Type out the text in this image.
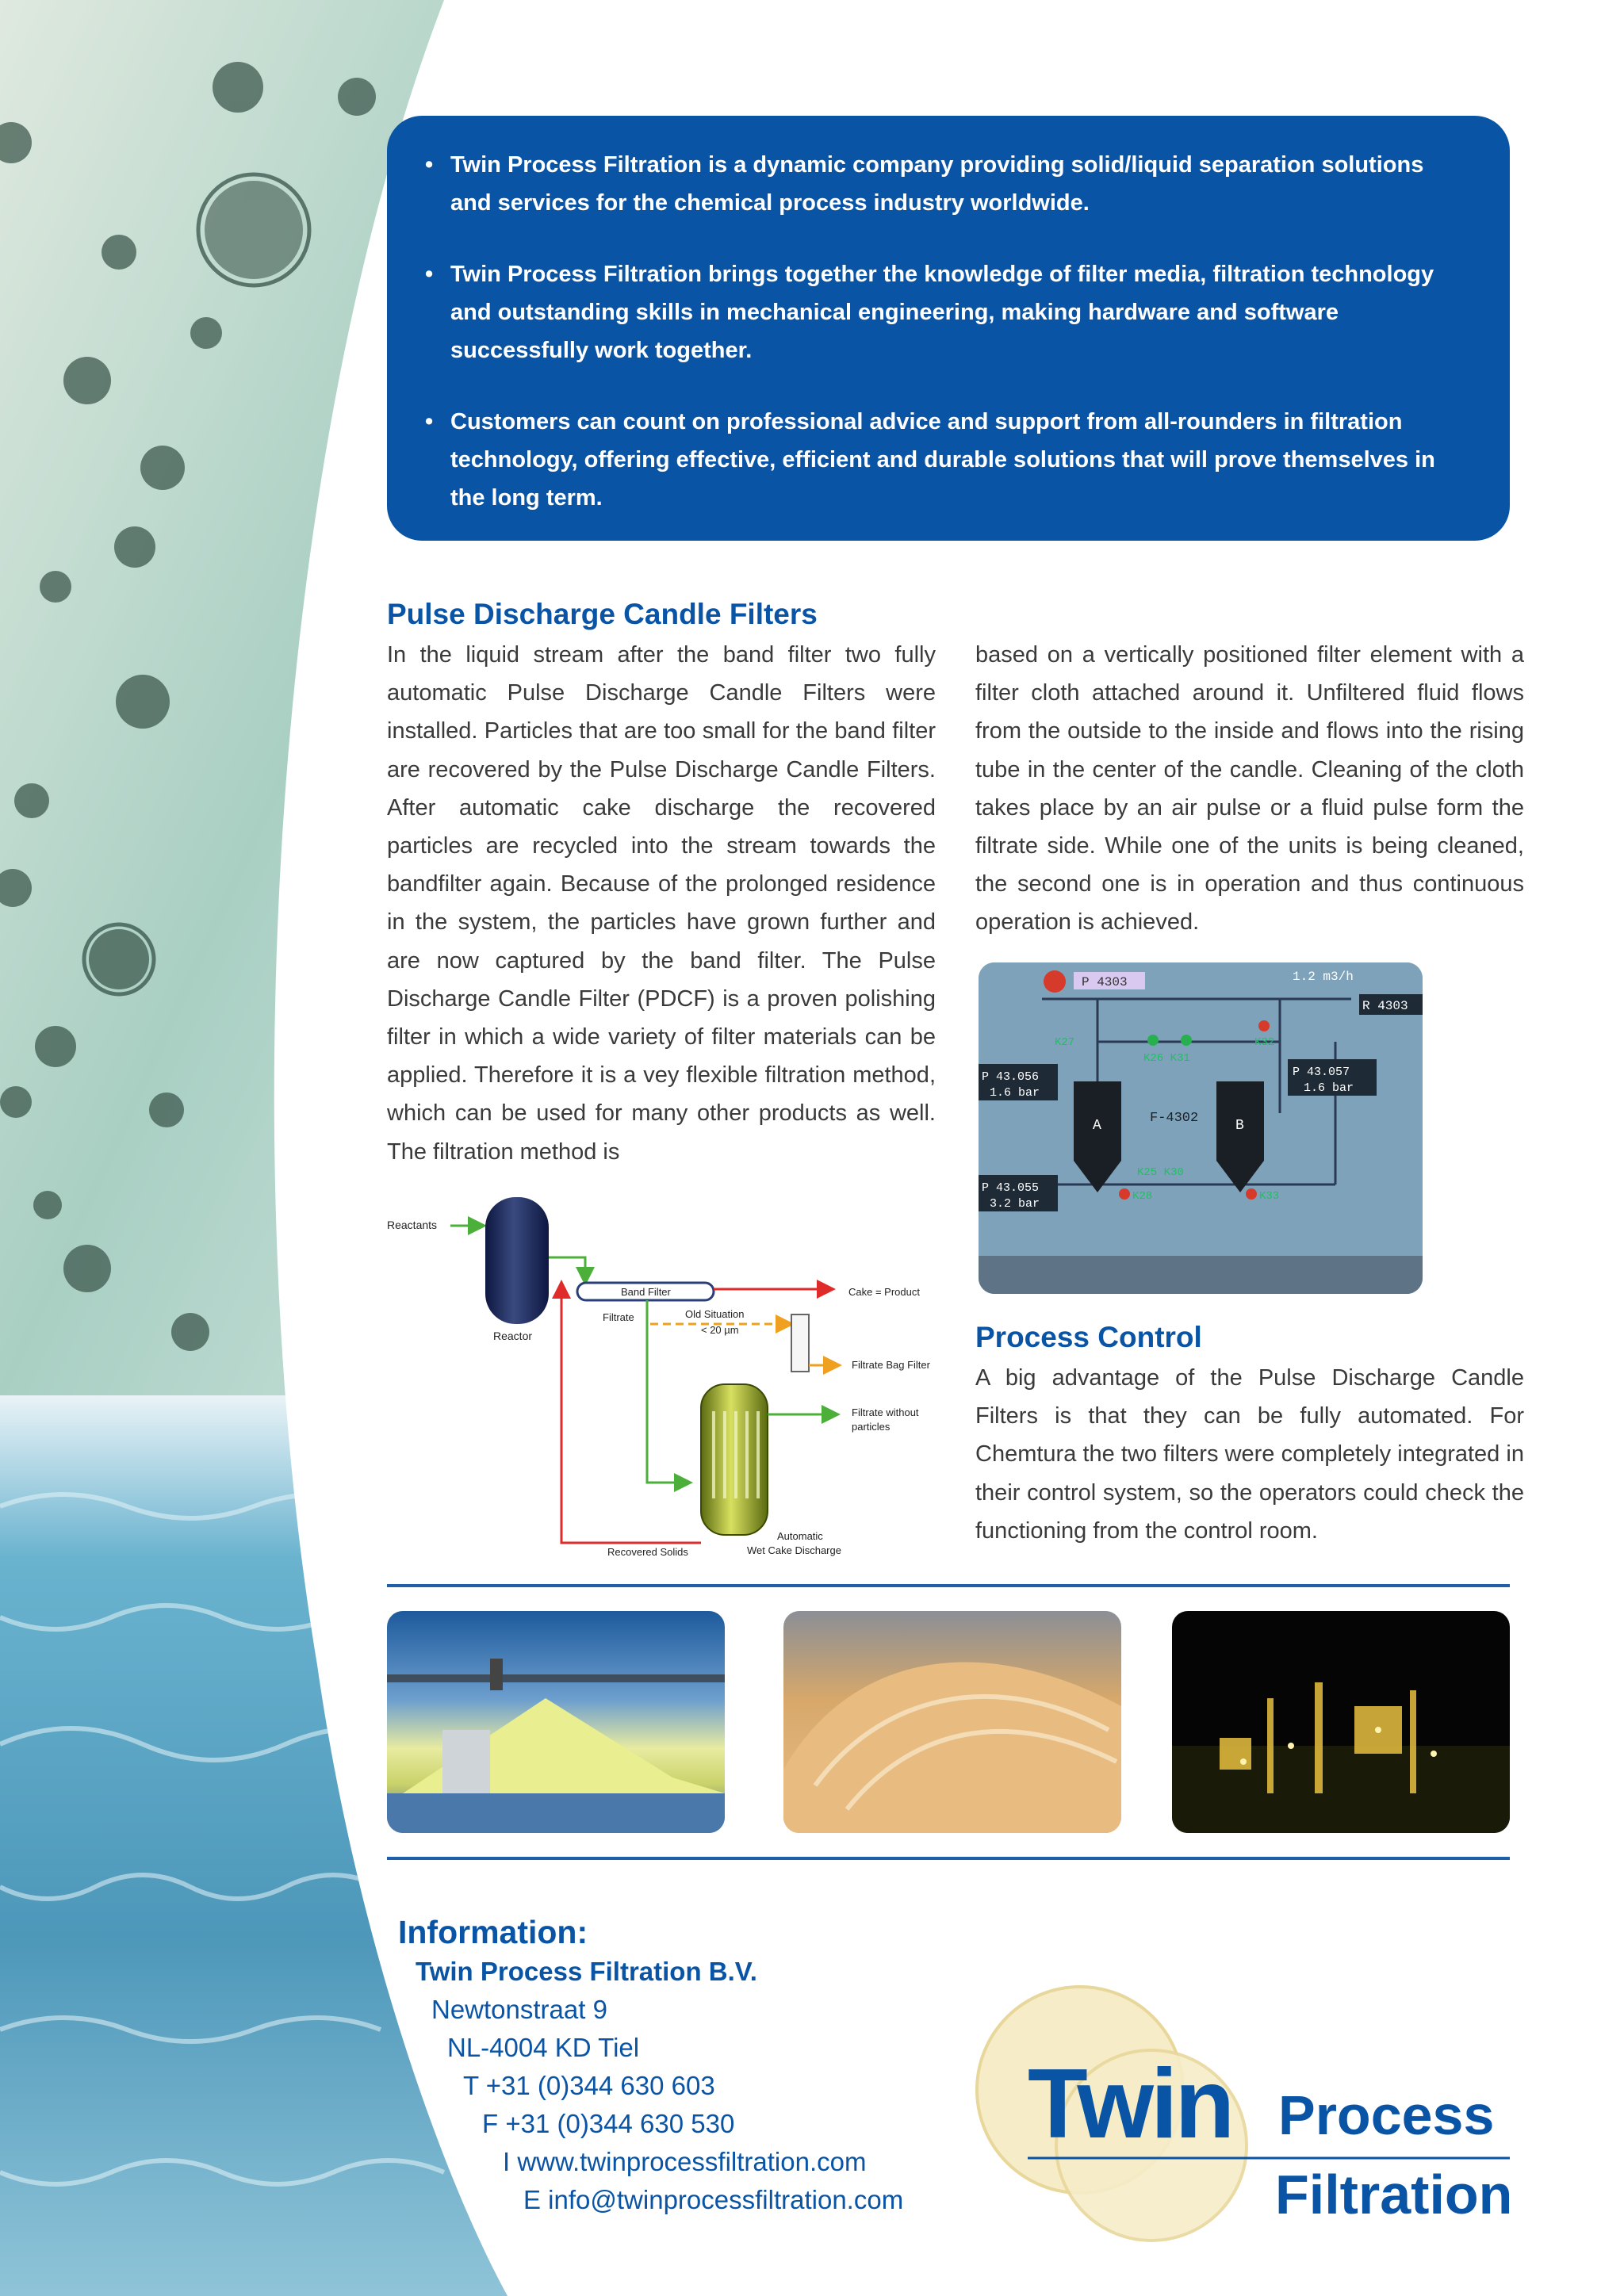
• Twin Process Filtration is a dynamic company providing solid/liquid separation solutions and services for the chemical process industry worldwide.
• Twin Process Filtration brings together the knowledge of filter media, filtration technology and outstanding skills in mechanical engineering, making hardware and software successfully work together.
• Customers can count on professional advice and support from all-rounders in filtration technology, offering effective, efficient and durable solutions that will prove themselves in the long term.
Pulse Discharge Candle Filters

In the liquid stream after the band filter two fully automatic Pulse Discharge Candle Filters were installed. Particles that are too small for the band filter are recovered by the Pulse Discharge Candle Filters. After automatic cake discharge the recovered particles are recycled into the stream towards the bandfilter again. Because of the prolonged residence in the system, the particles have grown further and are now captured by the band filter. The Pulse Discharge Candle Filter (PDCF) is a proven polishing filter in which a wide variety of filter materials can be applied. Therefore it is a vey flexible filtration method, which can be used for many other products as well. The filtration method is

based on a vertically positioned filter element with a filter cloth attached around it. Unfiltered fluid flows from the outside to the inside and flows into the rising tube in the center of the candle. Cleaning of the cloth takes place by an air pulse or a fluid pulse form the filtrate side. While one of the units is being cleaned, the second one is in operation and thus continuous operation is achieved.

Reactants
Reactor
Band Filter	Cake = Product
Filtrate	Old Situation
< 20 µm
Filtrate Bag Filter
Filtrate without
particles
Automatic
Wet Cake Discharge
Recovered Solids
P 4303	1.2 m3/h
R 4303
K27
K26 K31
K32
P 43.056
1.6 bar
P 43.057
1.6 bar
A	B
F-4302
K25 K30
P 43.055
3.2 bar
K28	K33
Process Control

A big advantage of the Pulse Discharge Candle Filters is that they can be fully automated. For Chemtura the two filters were completely integrated in their control system, so the operators could check the functioning from the control room.

Information:

Twin Process Filtration B.V.

Newtonstraat 9

NL-4004 KD Tiel

T +31 (0)344 630 603

F +31 (0)344 630 530

I www.twinprocessfiltration.com

E info@twinprocessfiltration.com

Twin Process
Filtration
